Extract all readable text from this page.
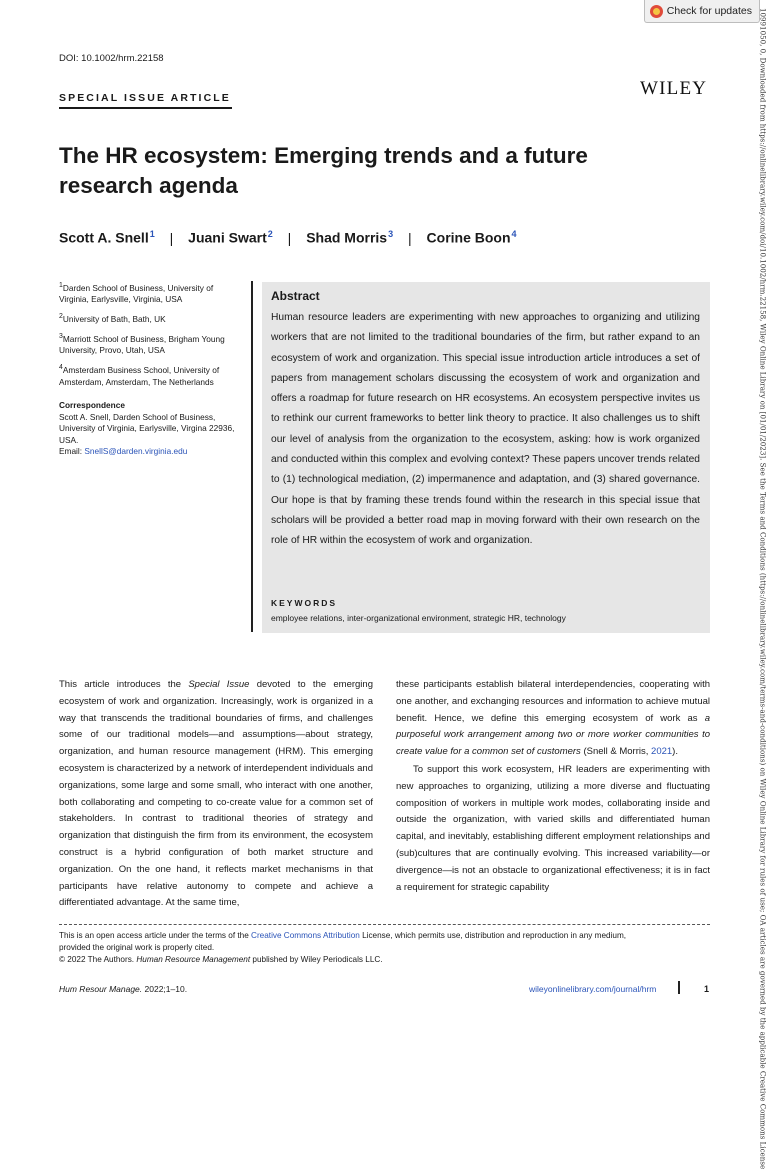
Check for updates 10991050, 0, Downloaded from https://onlinelibrary.wiley.com/doi/10.1002/hrm.22158, Wiley Online Library on [01/01/2023]. See the Terms and Conditions (https://onlinelibrary.wiley.com/terms-and-conditions) on Wiley Online Library for rules of use; OA articles are governed by the applicable Creative Commons License
DOI: 10.1002/hrm.22158
WILEY
SPECIAL ISSUE ARTICLE
The HR ecosystem: Emerging trends and a future research agenda
Scott A. Snell$^1$ | Juani Swart$^2$ | Shad Morris$^3$ | Corine Boon$^4$

$^1$Darden School of Business, University of Virginia, Earlysville, Virginia, USA

$^2$University of Bath, Bath, UK

$^3$Marriott School of Business, Brigham Young University, Provo, Utah, USA

$^4$Amsterdam Business School, University of Amsterdam, Amsterdam, The Netherlands

Correspondence

Scott A. Snell, Darden School of Business, University of Virginia, Earlysville, Virgina 22936, USA.
Email: SnellS@darden.virginia.edu
Abstract
Human resource leaders are experimenting with new approaches to organizing and utilizing workers that are not limited to the traditional boundaries of the firm, but rather expand to an ecosystem of work and organization. This special issue introduction article introduces a set of papers from management scholars discussing the ecosystem of work and organization and offers a roadmap for future research on HR ecosystems. An ecosystem perspective invites us to rethink our current frameworks to better link theory to practice. It also challenges us to shift our level of analysis from the organization to the ecosystem, asking: how is work organized and conducted within this complex and evolving context? These papers uncover trends related to (1) technological mediation, (2) impermanence and adaptation, and (3) shared governance. Our hope is that by framing these trends found within the research in this special issue that scholars will be provided a better road map in moving forward with their own research on the role of HR within the ecosystem of work and organization.
KEYWORDS
employee relations, inter-organizational environment, strategic HR, technology

This article introduces the Special Issue devoted to the emerging ecosystem of work and organization. Increasingly, work is organized in a way that transcends the traditional boundaries of firms, and challenges some of our traditional models—and assumptions—about strategy, organization, and human resource management (HRM). This emerging ecosystem is characterized by a network of interdependent individuals and organizations, some large and some small, who interact with one another, both collaborating and competing to co-create value for a common set of stakeholders. In contrast to traditional theories of strategy and organization that distinguish the firm from its environment, the ecosystem construct is a hybrid configuration of both market structure and organization. On the one hand, it reflects market mechanisms in that participants have relative autonomy to compete and achieve a differentiated advantage. At the same time,

these participants establish bilateral interdependencies, cooperating with one another, and exchanging resources and information to achieve mutual benefit. Hence, we define this emerging ecosystem of work as a purposeful work arrangement among two or more worker communities to create value for a common set of customers (Snell & Morris, 2021).

To support this work ecosystem, HR leaders are experimenting with new approaches to organizing, utilizing a more diverse and fluctuating composition of workers in multiple work modes, collaborating inside and outside the organization, with varied skills and differentiated human capital, and inevitably, establishing different employment relationships and (sub)cultures that are continually evolving. This increased variability—or divergence—is not an obstacle to organizational effectiveness; it is in fact a requirement for strategic capability

This is an open access article under the terms of the Creative Commons Attribution License, which permits use, distribution and reproduction in any medium,
provided the original work is properly cited.
© 2022 The Authors. Human Resource Management published by Wiley Periodicals LLC.
Hum Resour Manage. 2022;1–10.	wileyonlinelibrary.com/journal/hrm	1
